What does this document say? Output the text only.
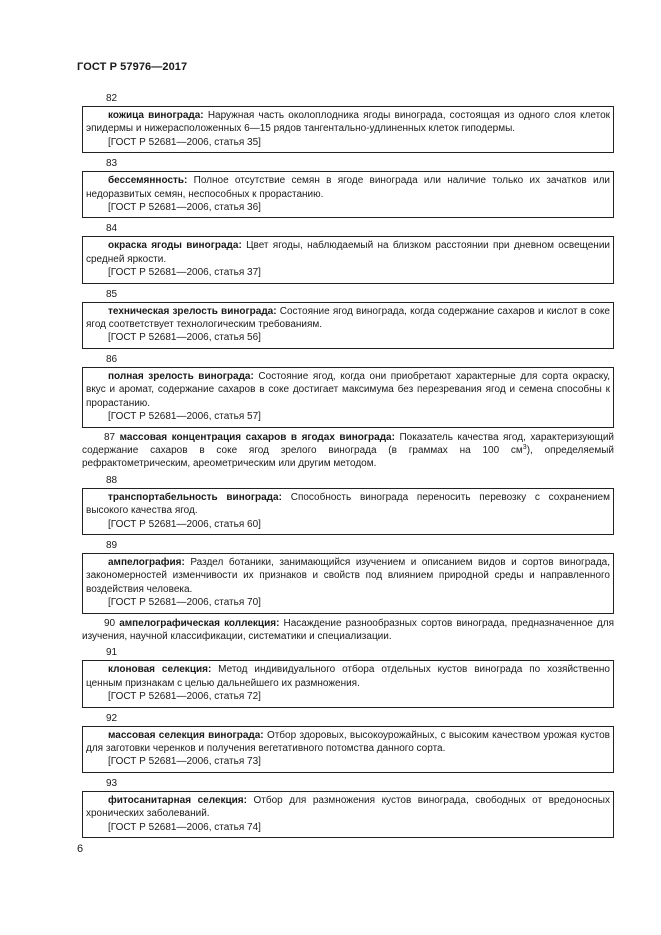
ГОСТ Р 57976—2017
82

кожица винограда: Наружная часть околоплодника ягоды винограда, состоящая из одного слоя клеток эпидермы и нижерасположенных 6—15 рядов тангентально-удлиненных клеток гиподермы.

[ГОСТ Р 52681—2006, статья 35]
83

бессемянность: Полное отсутствие семян в ягоде винограда или наличие только их зачатков или недоразвитых семян, неспособных к прорастанию.

[ГОСТ Р 52681—2006, статья 36]
84

окраска ягоды винограда: Цвет ягоды, наблюдаемый на близком расстоянии при дневном освещении средней яркости.

[ГОСТ Р 52681—2006, статья 37]
85

техническая зрелость винограда: Состояние ягод винограда, когда содержание сахаров и кислот в соке ягод соответствует технологическим требованиям.

[ГОСТ Р 52681—2006, статья 56]
86

полная зрелость винограда: Состояние ягод, когда они приобретают характерные для сорта окраску, вкус и аромат, содержание сахаров в соке достигает максимума без перезревания ягод и семена способны к прорастанию.

[ГОСТ Р 52681—2006, статья 57]

87 массовая концентрация сахаров в ягодах винограда: Показатель качества ягод, характеризующий содержание сахаров в соке ягод зрелого винограда (в граммах на 100 $см^3$), определяемый рефрактометрическим, ареометрическим или другим методом.

88

транспортабельность винограда: Способность винограда переносить перевозку с сохранением высокого качества ягод.

[ГОСТ Р 52681—2006, статья 60]
89

ампелография: Раздел ботаники, занимающийся изучением и описанием видов и сортов винограда, закономерностей изменчивости их признаков и свойств под влиянием природной среды и направленного воздействия человека.

[ГОСТ Р 52681—2006, статья 70]

90 ампелографическая коллекция: Насаждение разнообразных сортов винограда, предназначенное для изучения, научной классификации, систематики и специализации.

91

клоновая селекция: Метод индивидуального отбора отдельных кустов винограда по хозяйственно ценным признакам с целью дальнейшего их размножения.

[ГОСТ Р 52681—2006, статья 72]
92

массовая селекция винограда: Отбор здоровых, высокоурожайных, с высоким качеством урожая кустов для заготовки черенков и получения вегетативного потомства данного сорта.

[ГОСТ Р 52681—2006, статья 73]
93

фитосанитарная селекция: Отбор для размножения кустов винограда, свободных от вредоносных хронических заболеваний.

[ГОСТ Р 52681—2006, статья 74]
6
